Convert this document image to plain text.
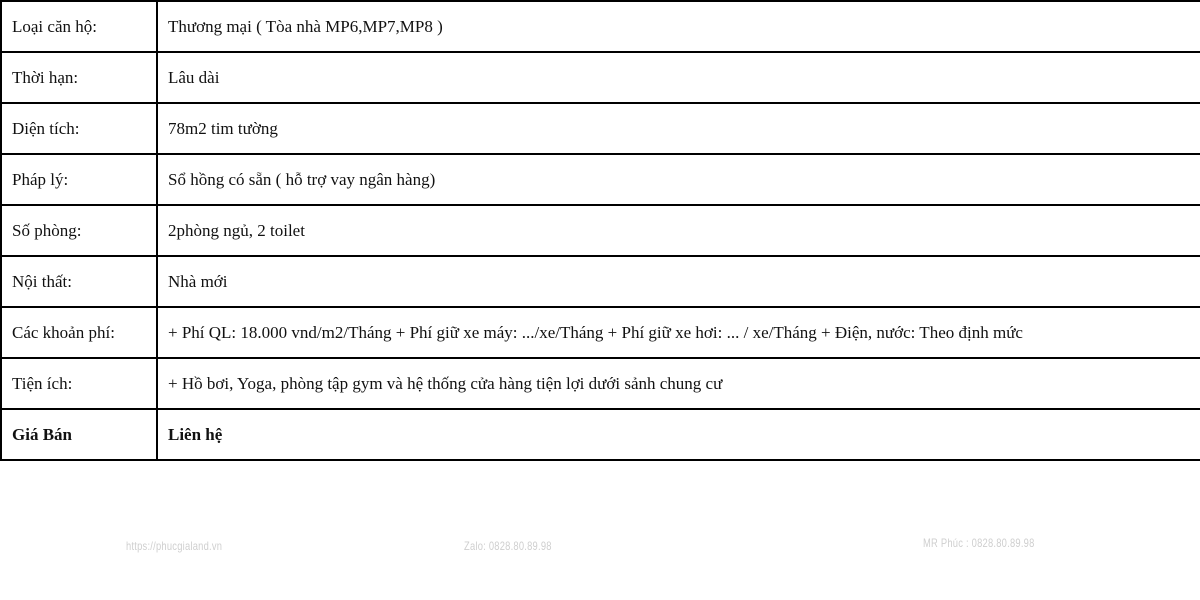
Loại căn hộ:	Thương mại ( Tòa nhà MP6,MP7,MP8 )
Thời hạn:	Lâu dài
Diện tích:	78m2 tim tường
Pháp lý:	Sổ hồng có sẵn ( hỗ trợ vay ngân hàng)
Số phòng:	2phòng ngủ, 2 toilet
Nội thất:	Nhà mới
Các khoản phí:	+ Phí QL: 18.000 vnd/m2/Tháng + Phí giữ xe máy: .../xe/Tháng + Phí giữ xe hơi: ... / xe/Tháng + Điện, nước: Theo định mức
Tiện ích:	+ Hồ bơi, Yoga, phòng tập gym và hệ thống cửa hàng tiện lợi dưới sảnh chung cư
Giá Bán	Liên hệ
https://phucgialand.vn	Zalo: 0828.80.89.98	MR Phúc : 0828.80.89.98
